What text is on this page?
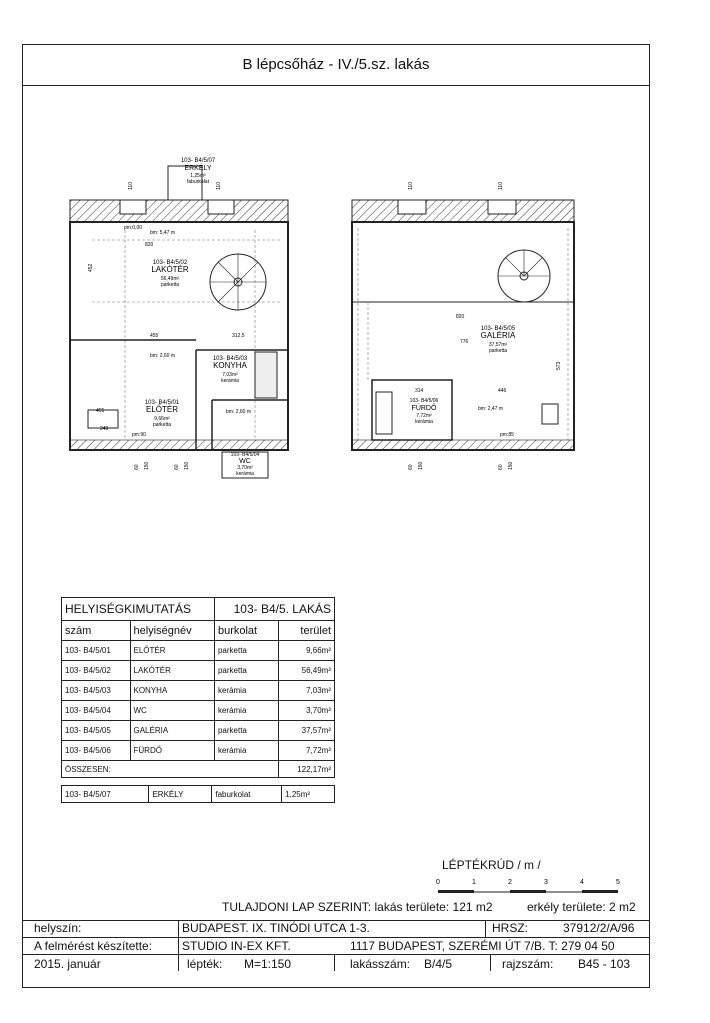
B lépcsőház - IV./5.sz. lakás
103- B4/5/07
ERKÉLY
1,25m²
faburkolat
103- B4/5/02
LAKÓTÉR
56,49m²
parketta
103- B4/5/03
KONYHA
7,03m²
kerámia
103- B4/5/01
ELŐTÉR
9,66m²
parketta
103- B4/5/04
WC
3,70m²
kerámia
bm: 5,47 m
820
455	312,5
bm: 2,60 m
bm: 2,60 m
455
240
pm:0,00
pm:90
452
110	110
60 150	60 150
103- B4/5/05
GALÉRIA
37,57m²
parketta
103- B4/5/06
FÜRDŐ
7,72m²
kerámia
820
776
446
314
bm: 2,47 m
pm:85
573
110	110
60 150	60 150
HELYISÉGKIMUTATÁS		103- B4/5. LAKÁS	
szám	helyiségnév	burkolat	terület
103- B4/5/01	ELŐTÉR	parketta	9,66m²
103- B4/5/02	LAKÓTÉR	parketta	56,49m²
103- B4/5/03	KONYHA	kerámia	7,03m²
103- B4/5/04	WC	kerámia	3,70m²
103- B4/5/05	GALÉRIA	parketta	37,57m²
103- B4/5/06	FÜRDŐ	kerámia	7,72m²
ÖSSZESEN:			122,17m²
103- B4/5/07	ERKÉLY	faburkolat	1,25m²
LÉPTÉKRÚD / m /
0	1	2	3	4	5
TULAJDONI LAP SZERINT: lakás területe: 121 m2	erkély területe: 2 m2
helyszín:	BUDAPEST. IX. TINÓDI UTCA 1-3.	HRSZ:	37912/2/A/96
A felmérést készítette: STUDIO IN-EX KFT.	1117 BUDAPEST, SZERÉMI ÚT 7/B. T: 279 04 50
2015. január	lépték: M=1:150	lakásszám: B/4/5	rajzszám: B45 - 103
